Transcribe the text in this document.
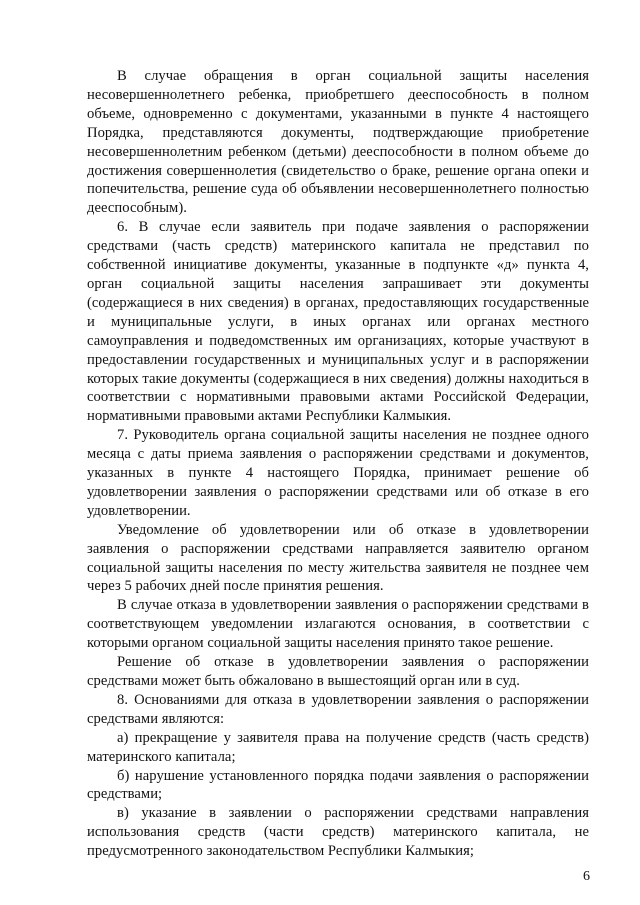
В случае обращения в орган социальной защиты населения несовершеннолетнего ребенка, приобретшего дееспособность в полном объеме, одновременно с документами, указанными в пункте 4 настоящего Порядка, представляются документы, подтверждающие приобретение несовершеннолетним ребенком (детьми) дееспособности в полном объеме до достижения совершеннолетия (свидетельство о браке, решение органа опеки и попечительства, решение суда об объявлении несовершеннолетнего полностью дееспособным).

6. В случае если заявитель при подаче заявления о распоряжении средствами (часть средств) материнского капитала не представил по собственной инициативе документы, указанные в подпункте «д» пункта 4, орган социальной защиты населения запрашивает эти документы (содержащиеся в них сведения) в органах, предоставляющих государственные и муниципальные услуги, в иных органах или органах местного самоуправления и подведомственных им организациях, которые участвуют в предоставлении государственных и муниципальных услуг и в распоряжении которых такие документы (содержащиеся в них сведения) должны находиться в соответствии с нормативными правовыми актами Российской Федерации, нормативными правовыми актами Республики Калмыкия.

7. Руководитель органа социальной защиты населения не позднее одного месяца с даты приема заявления о распоряжении средствами и документов, указанных в пункте 4 настоящего Порядка, принимает решение об удовлетворении заявления о распоряжении средствами или об отказе в его удовлетворении.

Уведомление об удовлетворении или об отказе в удовлетворении заявления о распоряжении средствами направляется заявителю органом социальной защиты населения по месту жительства заявителя не позднее чем через 5 рабочих дней после принятия решения.

В случае отказа в удовлетворении заявления о распоряжении средствами в соответствующем уведомлении излагаются основания, в соответствии с которыми органом социальной защиты населения принято такое решение.

Решение об отказе в удовлетворении заявления о распоряжении средствами может быть обжаловано в вышестоящий орган или в суд.

8. Основаниями для отказа в удовлетворении заявления о распоряжении средствами являются:

а) прекращение у заявителя права на получение средств (часть средств) материнского капитала;

б) нарушение установленного порядка подачи заявления о распоряжении средствами;

в) указание в заявлении о распоряжении средствами направления использования средств (части средств) материнского капитала, не предусмотренного законодательством Республики Калмыкия;

6
